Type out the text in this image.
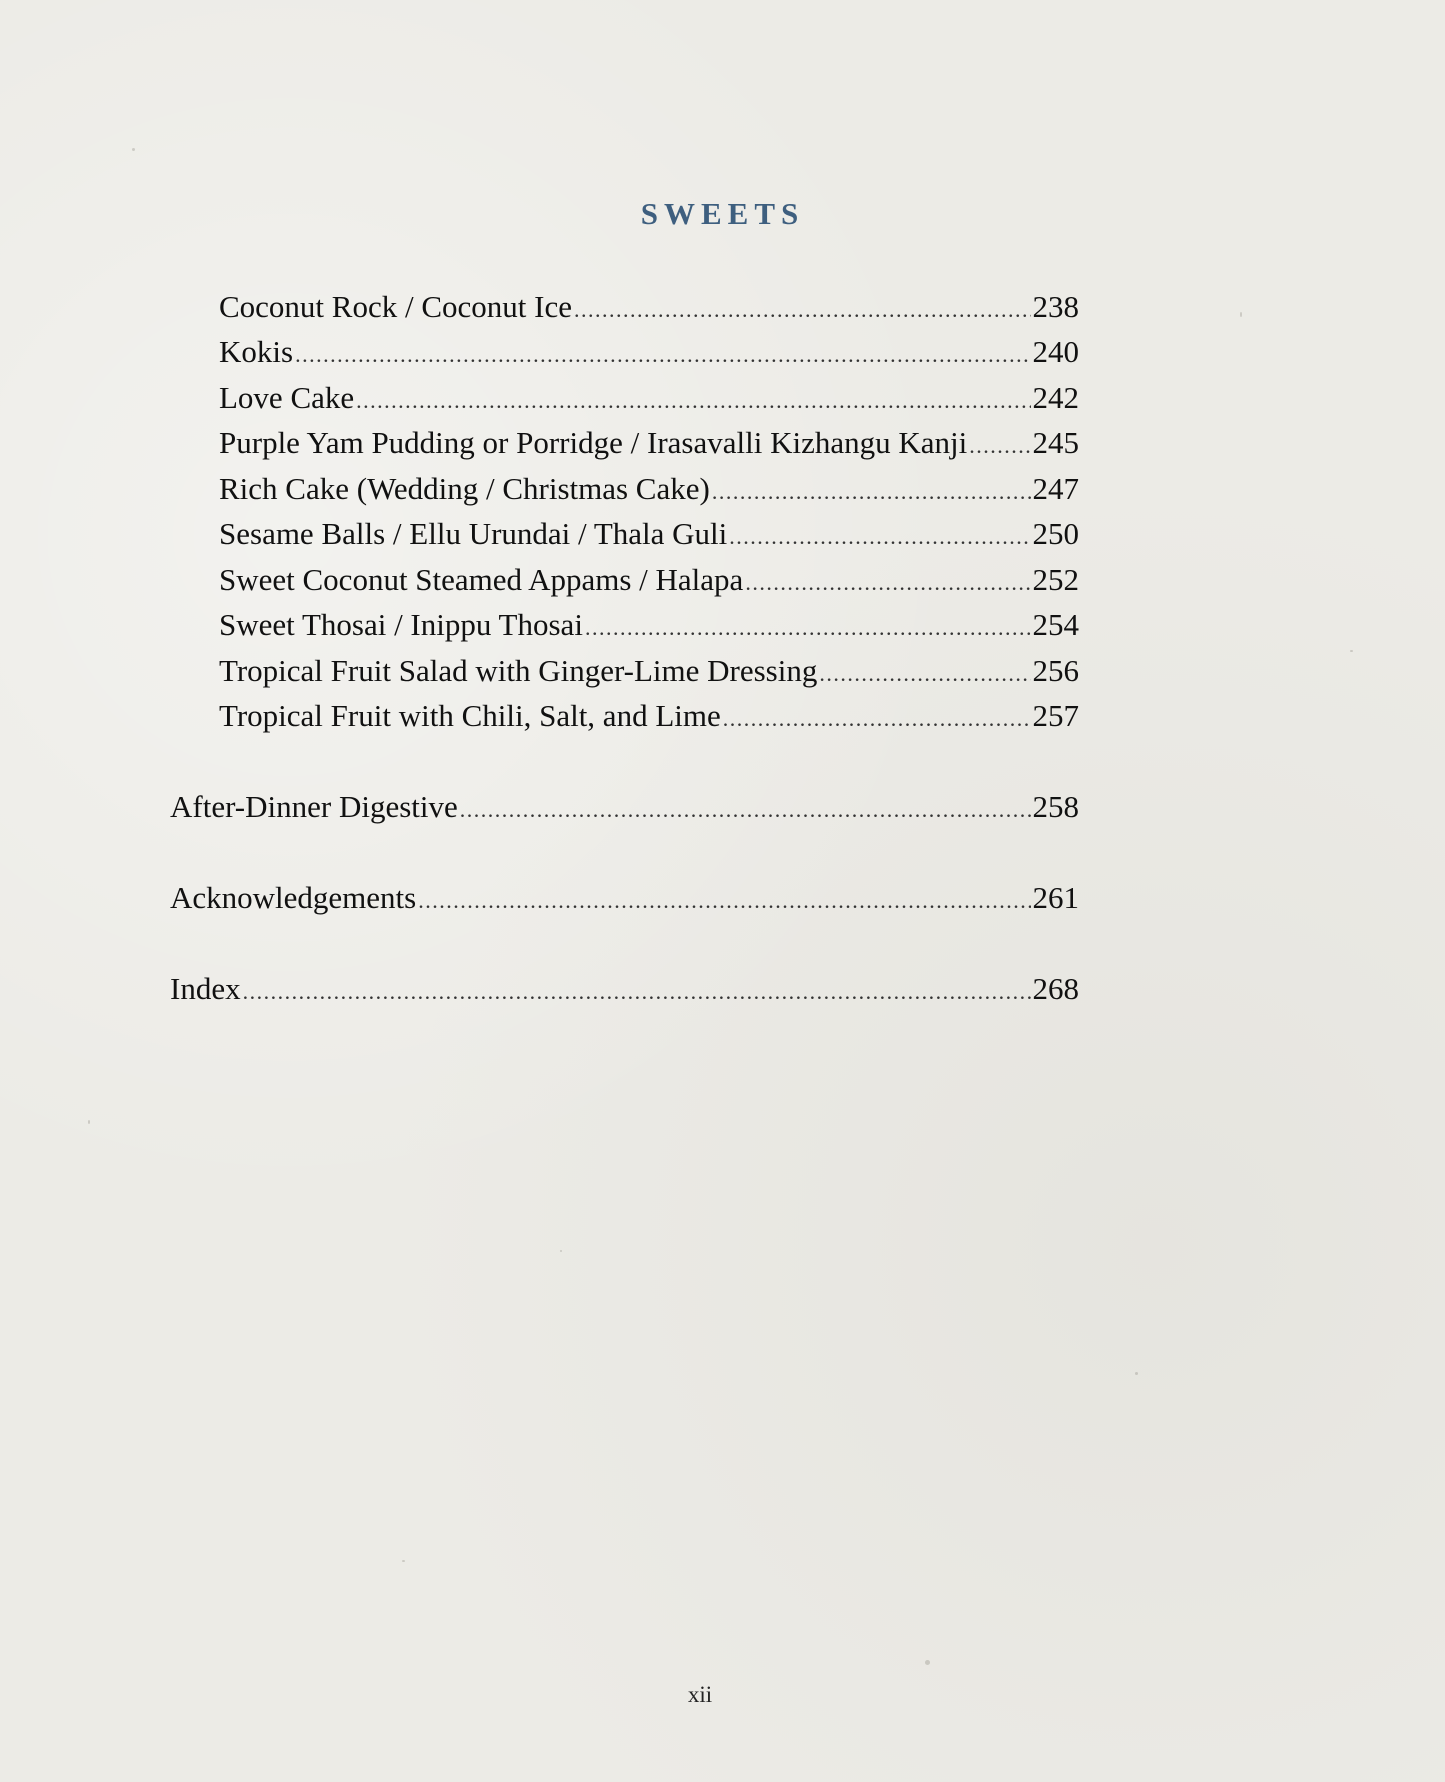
SWEETS
Coconut Rock / Coconut Ice .....	238
Kokis .....	240
Love Cake .....	242
Purple Yam Pudding or Porridge / Irasavalli Kizhangu Kanji ..... 245
Rich Cake (Wedding / Christmas Cake) .....	247
Sesame Balls / Ellu Urundai / Thala Guli .....	250
Sweet Coconut Steamed Appams / Halapa .....	252
Sweet Thosai / Inippu Thosai .....	254
Tropical Fruit Salad with Ginger-Lime Dressing .....	256
Tropical Fruit with Chili, Salt, and Lime .....	257
After-Dinner Digestive .....	258
Acknowledgements .....	261
Index .....	268
xii
